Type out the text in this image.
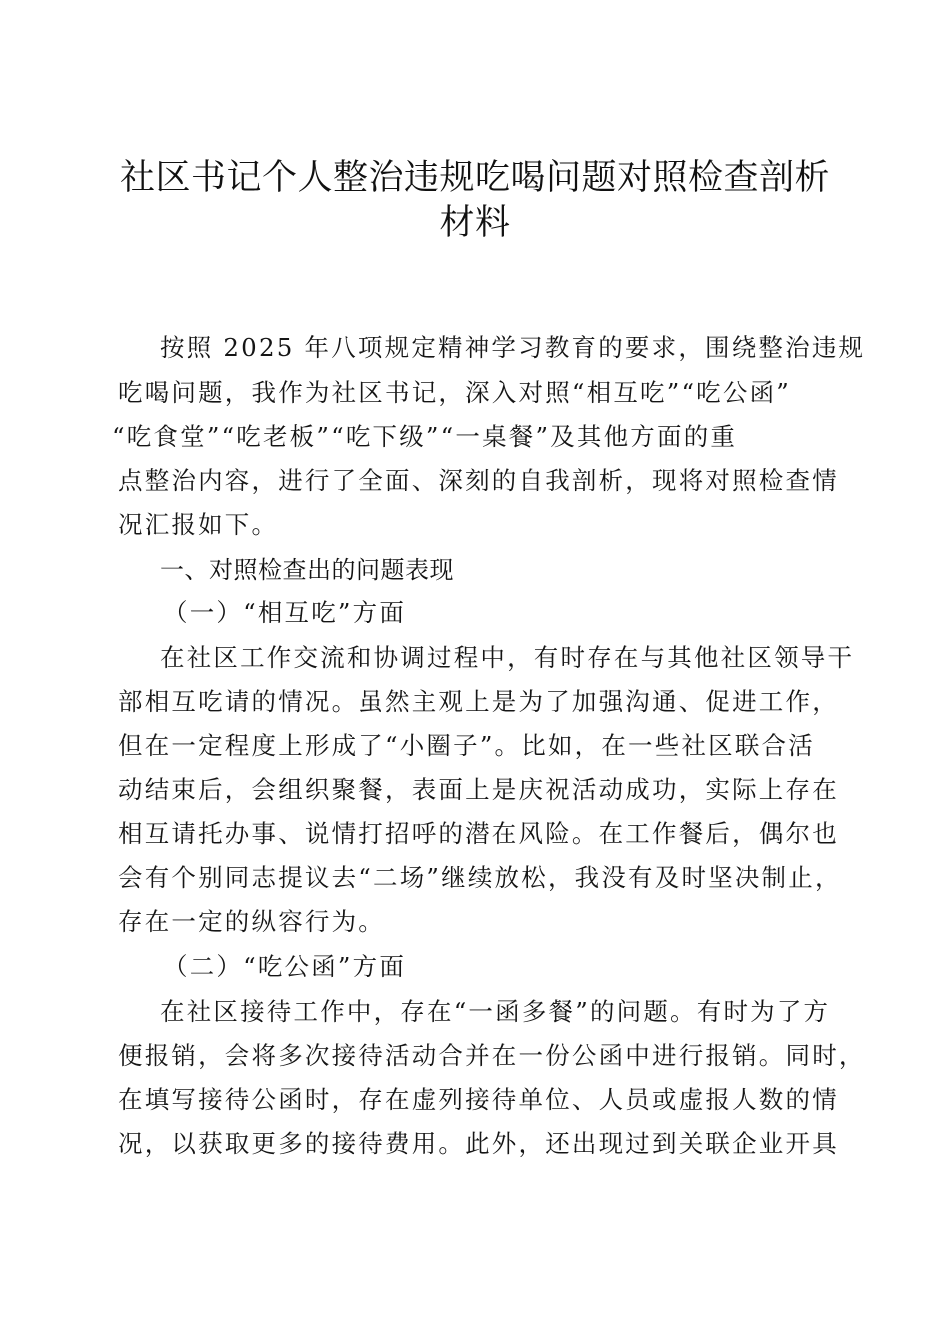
社区书记个人整治违规吃喝问题对照检查剖析
材料
按照 2025 年八项规定精神学习教育的要求，围绕整治违规
吃喝问题，我作为社区书记，深入对照“相互吃”“吃公函”
“吃食堂”“吃老板”“吃下级”“一桌餐”及其他方面的重
点整治内容，进行了全面、深刻的自我剖析，现将对照检查情
况汇报如下。
一、对照检查出的问题表现
（一）“相互吃”方面
在社区工作交流和协调过程中，有时存在与其他社区领导干
部相互吃请的情况。虽然主观上是为了加强沟通、促进工作，
但在一定程度上形成了“小圈子”。比如，在一些社区联合活
动结束后，会组织聚餐，表面上是庆祝活动成功，实际上存在
相互请托办事、说情打招呼的潜在风险。在工作餐后，偶尔也
会有个别同志提议去“二场”继续放松，我没有及时坚决制止，
存在一定的纵容行为。
（二）“吃公函”方面
在社区接待工作中，存在“一函多餐”的问题。有时为了方
便报销，会将多次接待活动合并在一份公函中进行报销。同时，
在填写接待公函时，存在虚列接待单位、人员或虚报人数的情
况，以获取更多的接待费用。此外，还出现过到关联企业开具
